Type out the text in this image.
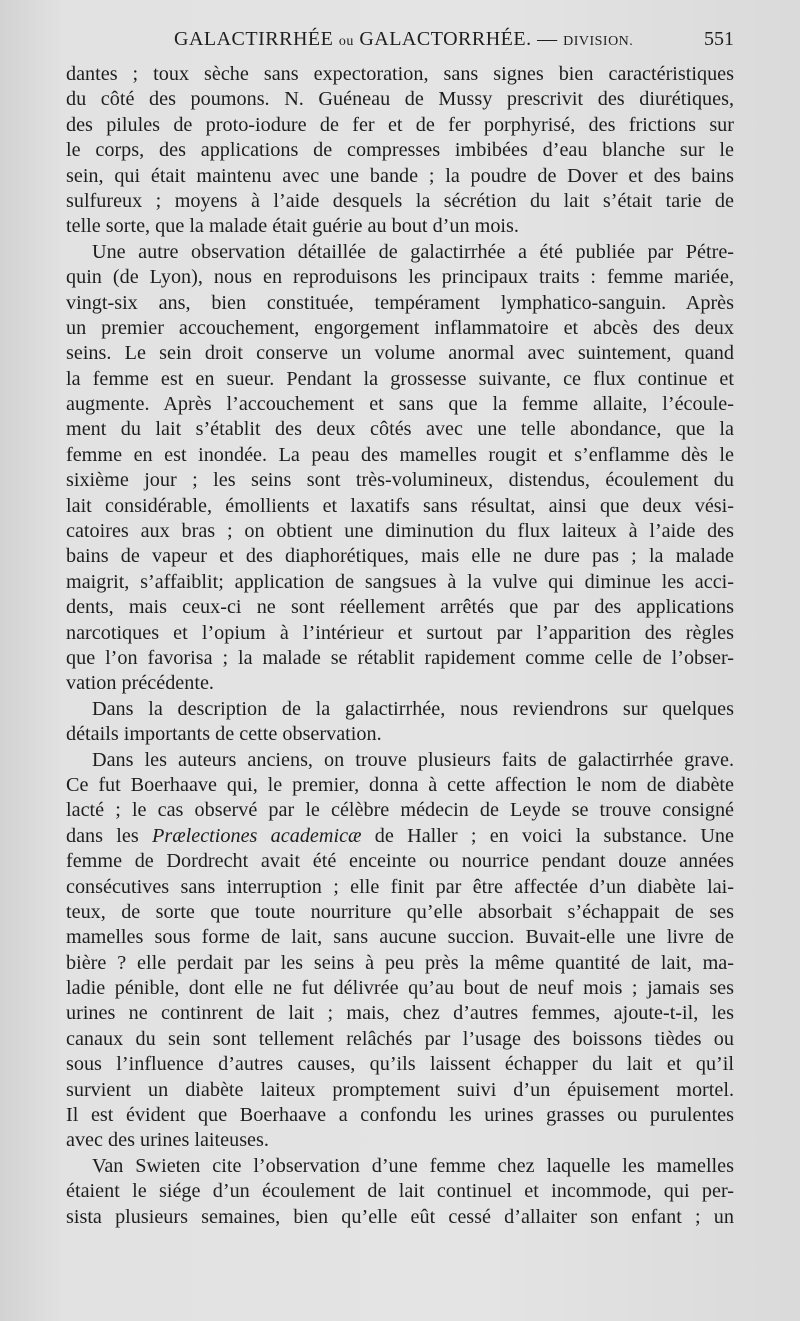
GALACTIRRHÉE ou GALACTORRHÉE. — DIVISION.	551
dantes ; toux sèche sans expectoration, sans signes bien caractéristiques
du côté des poumons. N. Guéneau de Mussy prescrivit des diurétiques,
des pilules de proto-iodure de fer et de fer porphyrisé, des frictions sur
le corps, des applications de compresses imbibées d’eau blanche sur le
sein, qui était maintenu avec une bande ; la poudre de Dover et des bains
sulfureux ; moyens à l’aide desquels la sécrétion du lait s’était tarie de
telle sorte, que la malade était guérie au bout d’un mois.
Une autre observation détaillée de galactirrhée a été publiée par Pétre-
quin (de Lyon), nous en reproduisons les principaux traits : femme mariée,
vingt-six ans, bien constituée, tempérament lymphatico-sanguin. Après
un premier accouchement, engorgement inflammatoire et abcès des deux
seins. Le sein droit conserve un volume anormal avec suintement, quand
la femme est en sueur. Pendant la grossesse suivante, ce flux continue et
augmente. Après l’accouchement et sans que la femme allaite, l’écoule-
ment du lait s’établit des deux côtés avec une telle abondance, que la
femme en est inondée. La peau des mamelles rougit et s’enflamme dès le
sixième jour ; les seins sont très-volumineux, distendus, écoulement du
lait considérable, émollients et laxatifs sans résultat, ainsi que deux vési-
catoires aux bras ; on obtient une diminution du flux laiteux à l’aide des
bains de vapeur et des diaphorétiques, mais elle ne dure pas ; la malade
maigrit, s’affaiblit; application de sangsues à la vulve qui diminue les acci-
dents, mais ceux-ci ne sont réellement arrêtés que par des applications
narcotiques et l’opium à l’intérieur et surtout par l’apparition des règles
que l’on favorisa ; la malade se rétablit rapidement comme celle de l’obser-
vation précédente.
Dans la description de la galactirrhée, nous reviendrons sur quelques
détails importants de cette observation.
Dans les auteurs anciens, on trouve plusieurs faits de galactirrhée grave.
Ce fut Boerhaave qui, le premier, donna à cette affection le nom de diabète
lacté ; le cas observé par le célèbre médecin de Leyde se trouve consigné
dans les Prælectiones academicæ de Haller ; en voici la substance. Une
femme de Dordrecht avait été enceinte ou nourrice pendant douze années
consécutives sans interruption ; elle finit par être affectée d’un diabète lai-
teux, de sorte que toute nourriture qu’elle absorbait s’échappait de ses
mamelles sous forme de lait, sans aucune succion. Buvait-elle une livre de
bière ? elle perdait par les seins à peu près la même quantité de lait, ma-
ladie pénible, dont elle ne fut délivrée qu’au bout de neuf mois ; jamais ses
urines ne continrent de lait ; mais, chez d’autres femmes, ajoute-t-il, les
canaux du sein sont tellement relâchés par l’usage des boissons tièdes ou
sous l’influence d’autres causes, qu’ils laissent échapper du lait et qu’il
survient un diabète laiteux promptement suivi d’un épuisement mortel.
Il est évident que Boerhaave a confondu les urines grasses ou purulentes
avec des urines laiteuses.
Van Swieten cite l’observation d’une femme chez laquelle les mamelles
étaient le siége d’un écoulement de lait continuel et incommode, qui per-
sista plusieurs semaines, bien qu’elle eût cessé d’allaiter son enfant ; un
